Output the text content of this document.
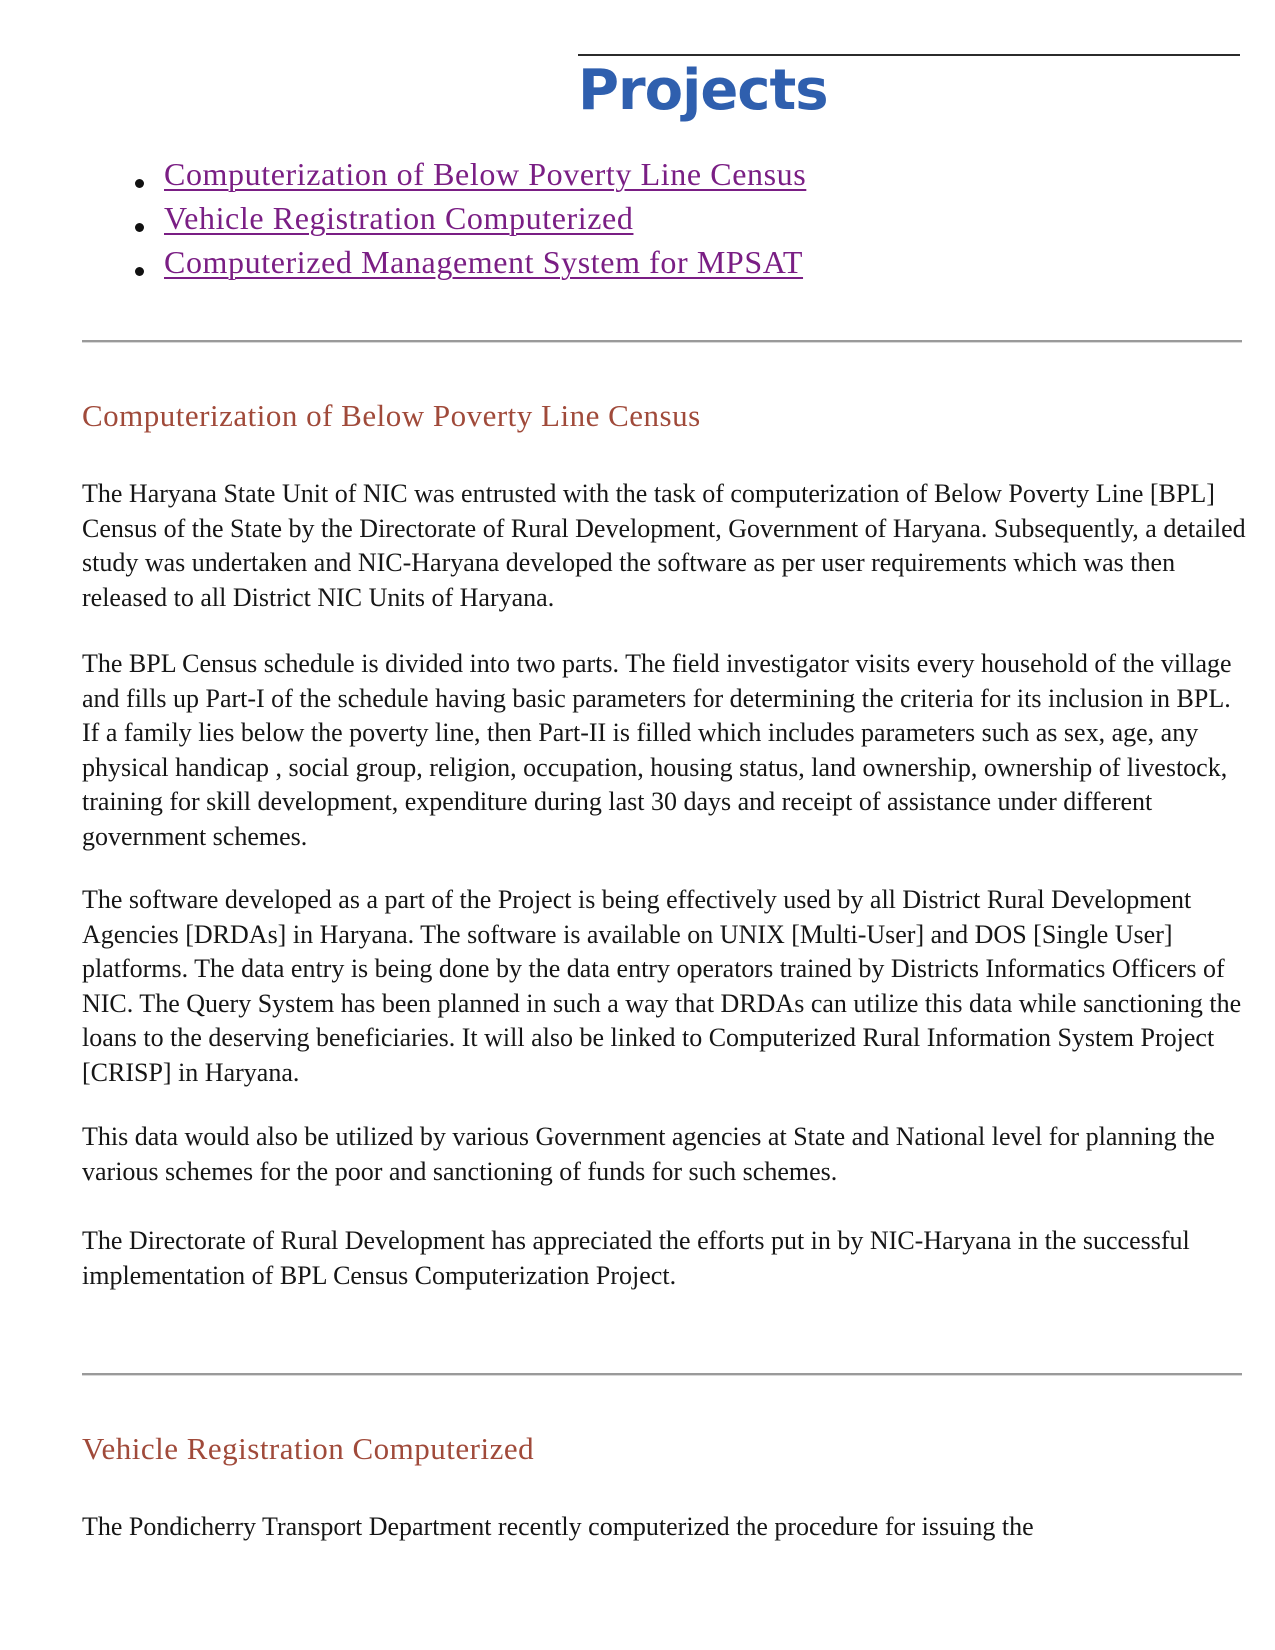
Projects
Computerization of Below Poverty Line Census
Vehicle Registration Computerized
Computerized Management System for MPSAT
Computerization of Below Poverty Line Census

The Haryana State Unit of NIC was entrusted with the task of computerization of Below Poverty Line [BPL] Census of the State by the Directorate of Rural Development, Government of Haryana. Subsequently, a detailed study was undertaken and NIC-Haryana developed the software as per user requirements which was then released to all District NIC Units of Haryana.

The BPL Census schedule is divided into two parts. The field investigator visits every household of the village and fills up Part-I of the schedule having basic parameters for determining the criteria for its inclusion in BPL. If a family lies below the poverty line, then Part-II is filled which includes parameters such as sex, age, any physical handicap , social group, religion, occupation, housing status, land ownership, ownership of livestock, training for skill development, expenditure during last 30 days and receipt of assistance under different government schemes.

The software developed as a part of the Project is being effectively used by all District Rural Development Agencies [DRDAs] in Haryana. The software is available on UNIX [Multi-User] and DOS [Single User] platforms. The data entry is being done by the data entry operators trained by Districts Informatics Officers of NIC. The Query System has been planned in such a way that DRDAs can utilize this data while sanctioning the loans to the deserving beneficiaries. It will also be linked to Computerized Rural Information System Project [CRISP] in Haryana.

This data would also be utilized by various Government agencies at State and National level for planning the various schemes for the poor and sanctioning of funds for such schemes.

The Directorate of Rural Development has appreciated the efforts put in by NIC-Haryana in the successful implementation of BPL Census Computerization Project.

Vehicle Registration Computerized

The Pondicherry Transport Department recently computerized the procedure for issuing the
